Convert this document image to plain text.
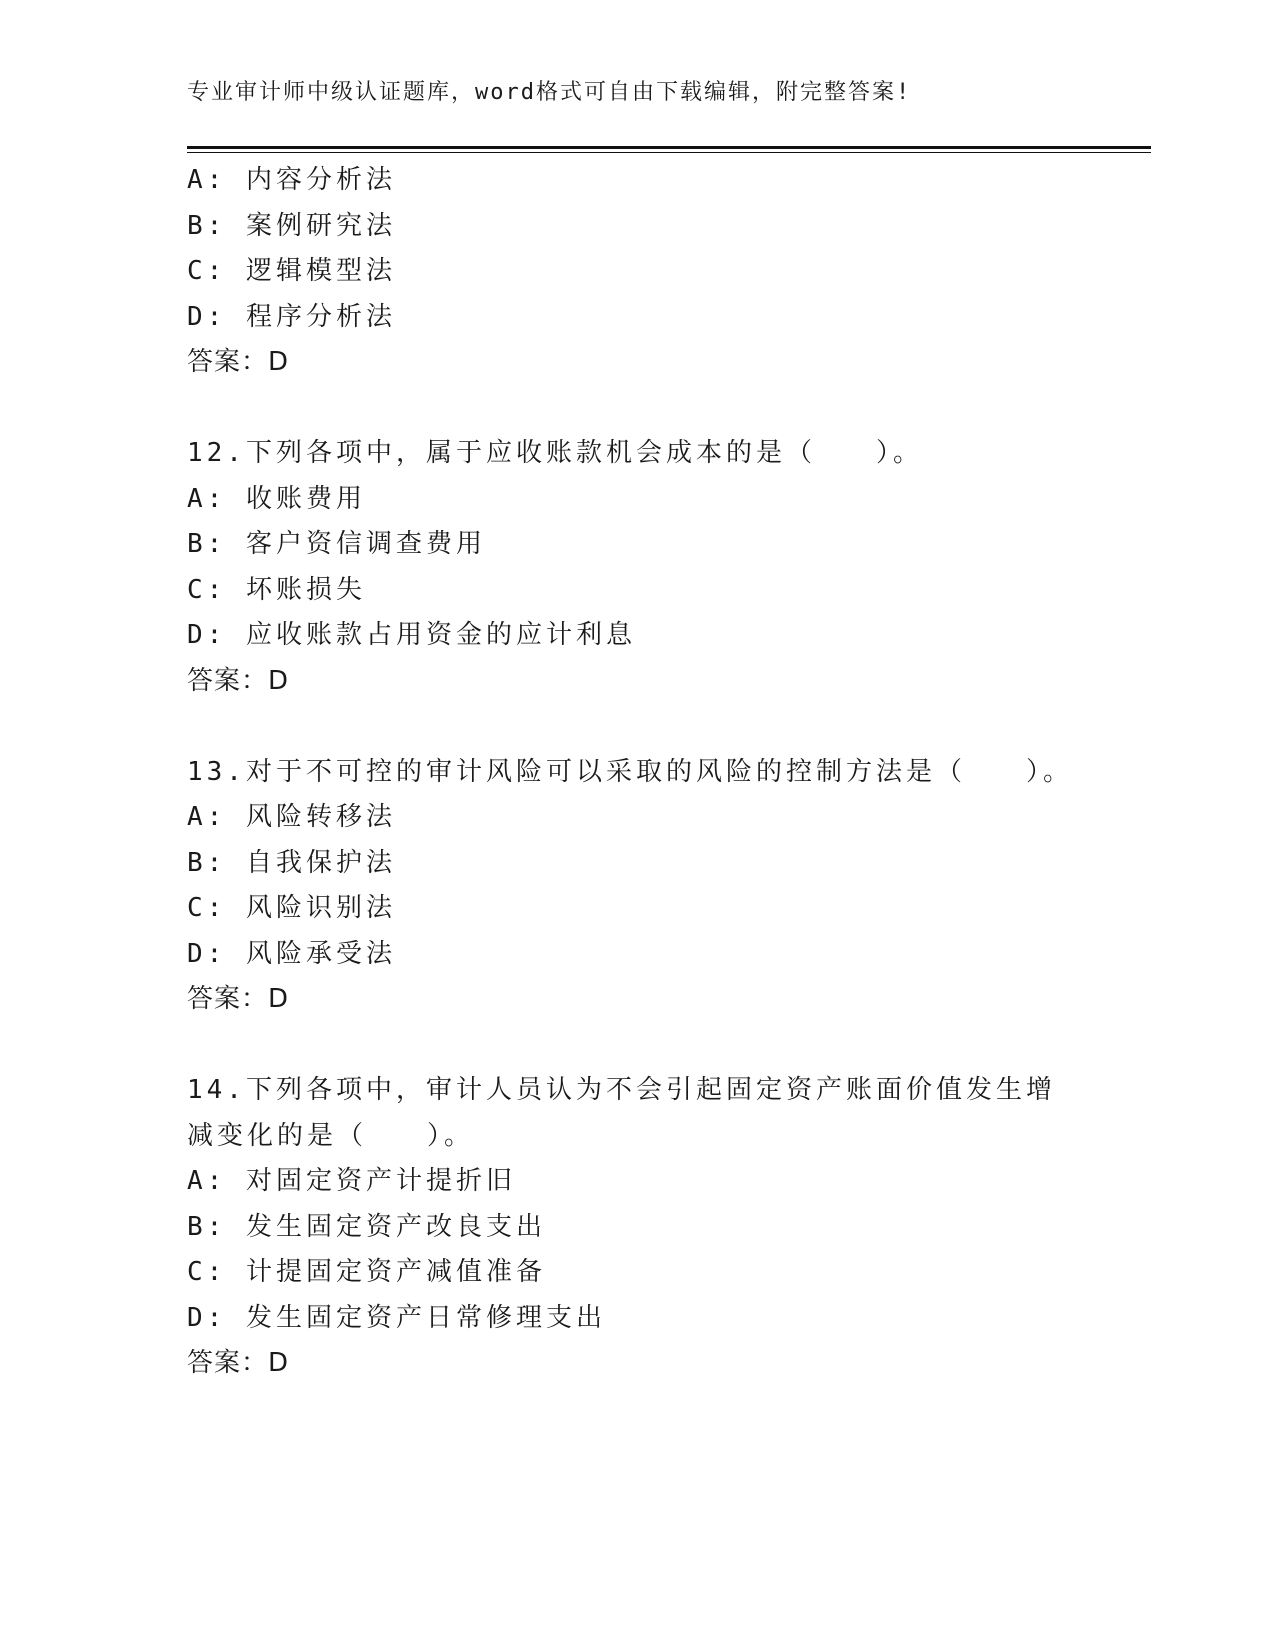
专业审计师中级认证题库，word格式可自由下载编辑，附完整答案!
A: 内容分析法
B: 案例研究法
C: 逻辑模型法
D: 程序分析法
答案：D
12.下列各项中，属于应收账款机会成本的是（　　）。
A: 收账费用
B: 客户资信调查费用
C: 坏账损失
D: 应收账款占用资金的应计利息
答案：D
13.对于不可控的审计风险可以采取的风险的控制方法是（　　）。
A: 风险转移法
B: 自我保护法
C: 风险识别法
D: 风险承受法
答案：D
14.下列各项中，审计人员认为不会引起固定资产账面价值发生增减变化的是（　　）。
A: 对固定资产计提折旧
B: 发生固定资产改良支出
C: 计提固定资产减值准备
D: 发生固定资产日常修理支出
答案：D
